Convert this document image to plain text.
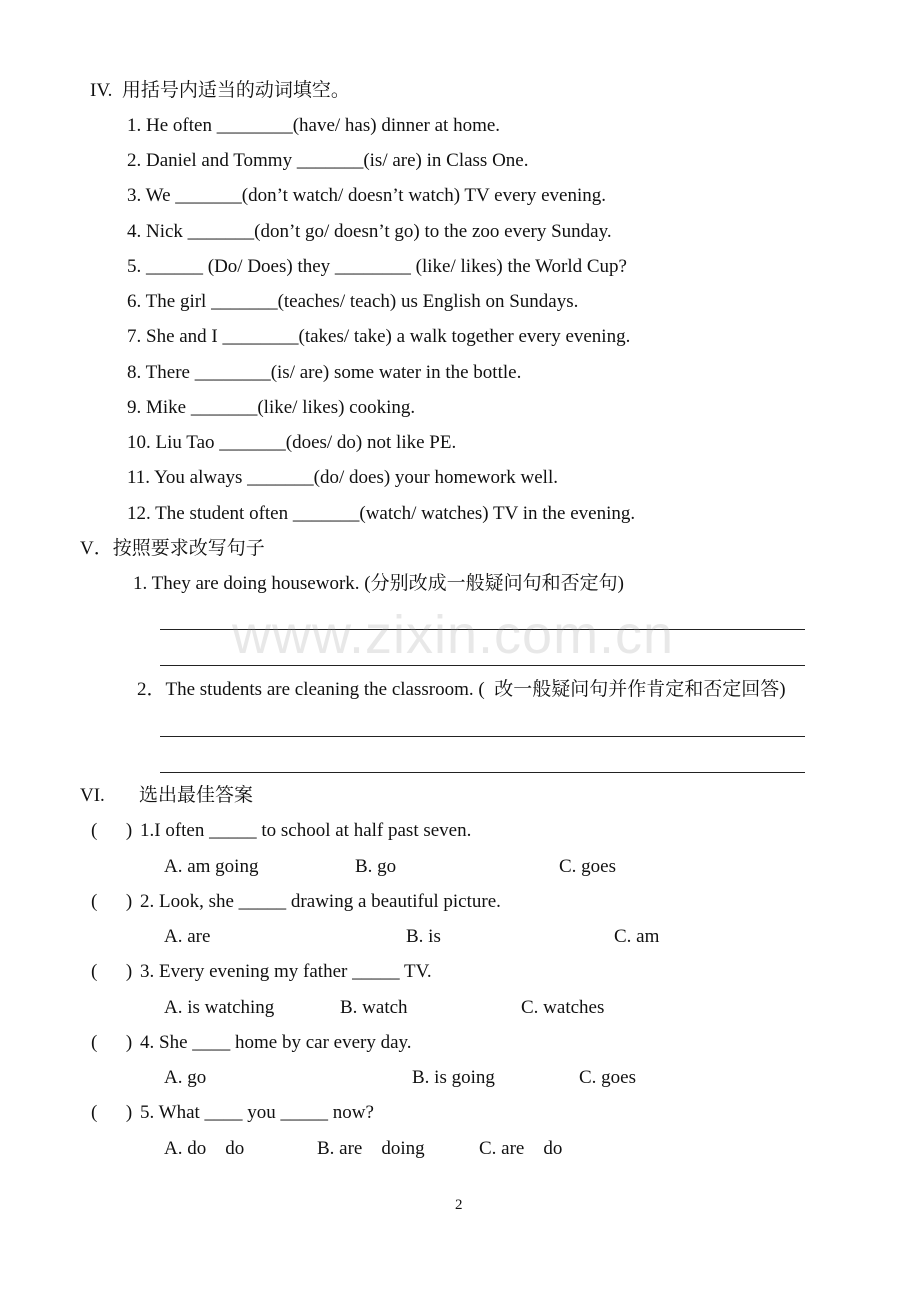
IV.  用括号内适当的动词填空。
1. He often ________(have/ has) dinner at home.
2. Daniel and Tommy _______(is/ are) in Class One.
3. We _______(don’t watch/ doesn’t watch) TV every evening.
4. Nick _______(don’t go/ doesn’t go) to the zoo every Sunday.
5. ______ (Do/ Does) they ________ (like/ likes) the World Cup?
6. The girl _______(teaches/ teach) us English on Sundays.
7. She and I ________(takes/ take) a walk together every evening.
8. There ________(is/ are) some water in the bottle.
9. Mike _______(like/ likes) cooking.
10. Liu Tao _______(does/ do) not like PE.
11. You always _______(do/ does) your homework well.
12. The student often _______(watch/ watches) TV in the evening.
V．按照要求改写句子
1. They are doing housework. (分别改成一般疑问句和否定句)
2．The students are cleaning the classroom. (  改一般疑问句并作肯定和否定回答)
VI. 选出最佳答案
(      ) 1.I often _____ to school at half past seven.
A. am going	B. go	C. goes
(      ) 2. Look, she _____ drawing a beautiful picture.
A. are	B. is	C. am
(      ) 3. Every evening my father _____ TV.
A. is watching	B. watch	C. watches
(      ) 4. She ____ home by car every day.
A. go	B. is going	C. goes
(      ) 5. What ____ you _____ now?
A. do    do	B. are    doing	C. are    do
www.zixin.com.cn
2
